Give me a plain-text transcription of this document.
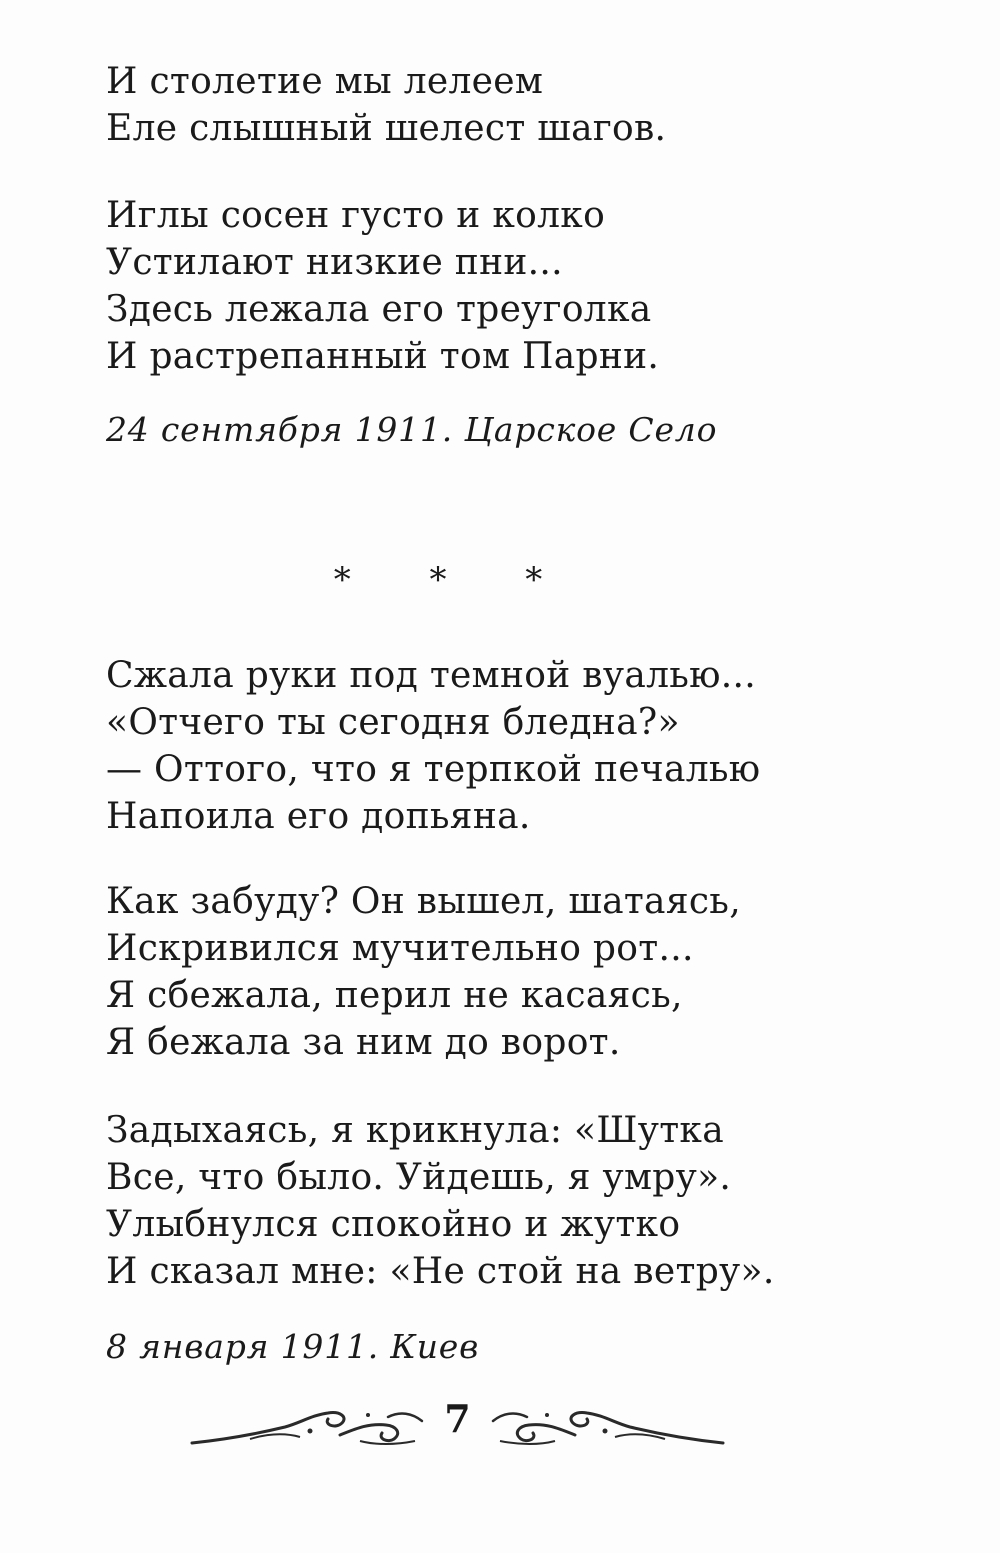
И столетие мы лелеем
Еле слышный шелест шагов.
Иглы сосен густо и колко
Устилают низкие пни...
Здесь лежала его треуголка
И растрепанный том Парни.
24 сентября 1911. Царское Село
* * *
Сжала руки под темной вуалью...
«Отчего ты сегодня бледна?»
— Оттого, что я терпкой печалью
Напоила его допьяна.
Как забуду? Он вышел, шатаясь,
Искривился мучительно рот...
Я сбежала, перил не касаясь,
Я бежала за ним до ворот.
Задыхаясь, я крикнула: «Шутка
Все, что было. Уйдешь, я умру».
Улыбнулся спокойно и жутко
И сказал мне: «Не стой на ветру».
8 января 1911. Киев
7
